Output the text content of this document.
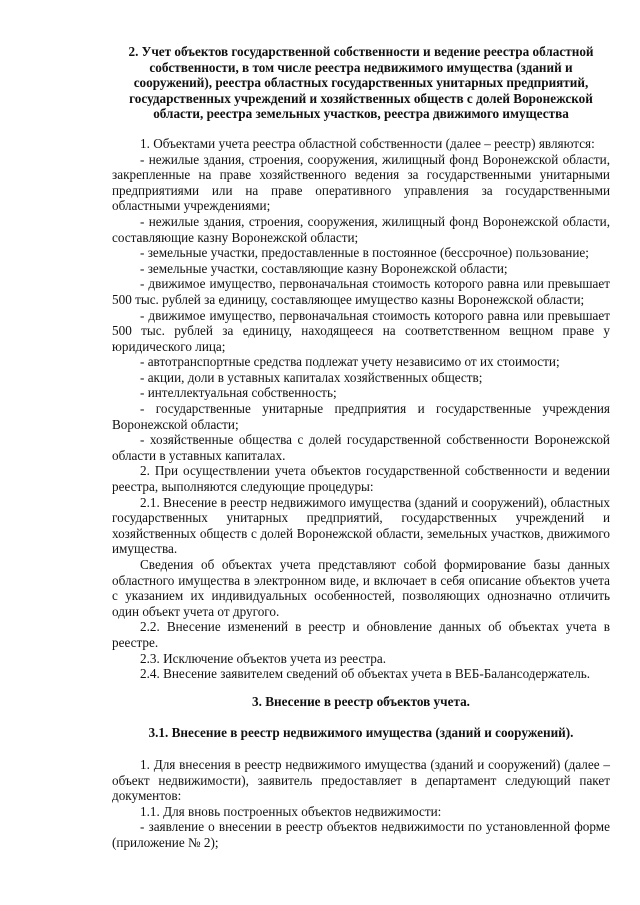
2. Учет объектов государственной собственности и ведение реестра областной собственности, в том числе реестра недвижимого имущества (зданий и сооружений), реестра областных государственных унитарных предприятий, государственных учреждений и хозяйственных обществ с долей Воронежской области, реестра земельных участков, реестра движимого имущества

1. Объектами учета реестра областной собственности (далее – реестр) являются:

- нежилые здания, строения, сооружения, жилищный фонд Воронежской области, закрепленные на праве хозяйственного ведения за государственными унитарными предприятиями или на праве оперативного управления за государственными областными учреждениями;

- нежилые здания, строения, сооружения, жилищный фонд Воронежской области, составляющие казну Воронежской области;

- земельные участки, предоставленные в постоянное (бессрочное) пользование;

- земельные участки, составляющие казну Воронежской области;

- движимое имущество, первоначальная стоимость которого равна или превышает 500 тыс. рублей за единицу, составляющее имущество казны Воронежской области;

- движимое имущество, первоначальная стоимость которого равна или превышает 500 тыс. рублей за единицу, находящееся на соответственном вещном праве у юридического лица;

- автотранспортные средства подлежат учету независимо от их стоимости;

- акции, доли в уставных капиталах хозяйственных обществ;

- интеллектуальная собственность;

- государственные унитарные предприятия и государственные учреждения Воронежской области;

- хозяйственные общества с долей государственной собственности Воронежской области в уставных капиталах.

2. При осуществлении учета объектов государственной собственности и ведении реестра, выполняются следующие процедуры:

2.1. Внесение в реестр недвижимого имущества (зданий и сооружений), областных государственных унитарных предприятий, государственных учреждений и хозяйственных обществ с долей Воронежской области, земельных участков, движимого имущества.

Сведения об объектах учета представляют собой формирование базы данных областного имущества в электронном виде, и включает в себя описание объектов учета с указанием их индивидуальных особенностей, позволяющих однозначно отличить один объект учета от другого.

2.2. Внесение изменений в реестр и обновление данных об объектах учета в реестре.

2.3. Исключение объектов учета из реестра.

2.4. Внесение заявителем сведений об объектах учета в ВЕБ-Балансодержатель.

3. Внесение в реестр объектов учета.
3.1. Внесение в реестр недвижимого имущества (зданий и сооружений).

1. Для внесения в реестр недвижимого имущества (зданий и сооружений) (далее – объект недвижимости), заявитель предоставляет в департамент следующий пакет документов:

1.1. Для вновь построенных объектов недвижимости:

- заявление о внесении в реестр объектов недвижимости по установленной форме (приложение № 2);
